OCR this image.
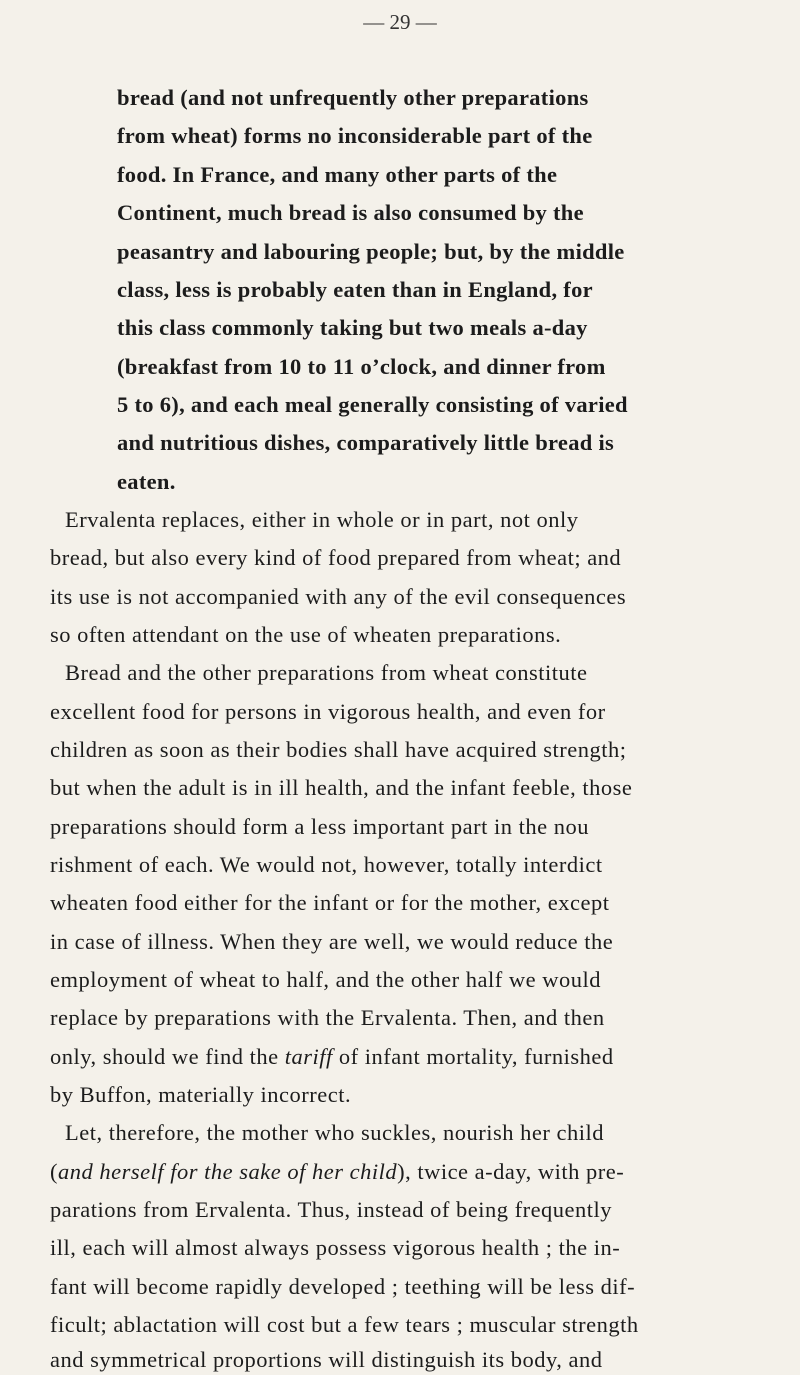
— 29 —
bread (and not unfrequently other preparations
from wheat) forms no inconsiderable part of the
food. In France, and many other parts of the
Continent, much bread is also consumed by the
peasantry and labouring people; but, by the middle
class, less is probably eaten than in England, for
this class commonly taking but two meals a-day
(breakfast from 10 to 11 o’clock, and dinner from
5 to 6), and each meal generally consisting of varied
and nutritious dishes, comparatively little bread is
eaten.
Ervalenta replaces, either in whole or in part, not only
bread, but also every kind of food prepared from wheat; and
its use is not accompanied with any of the evil consequences
so often attendant on the use of wheaten preparations.
Bread and the other preparations from wheat constitute
excellent food for persons in vigorous health, and even for
children as soon as their bodies shall have acquired strength;
but when the adult is in ill health, and the infant feeble, those
preparations should form a less important part in the nou
rishment of each. We would not, however, totally interdict
wheaten food either for the infant or for the mother, except
in case of illness. When they are well, we would reduce the
employment of wheat to half, and the other half we would
replace by preparations with the Ervalenta. Then, and then
only, should we find the tariff of infant mortality, furnished
by Buffon, materially incorrect.
Let, therefore, the mother who suckles, nourish her child
(and herself for the sake of her child), twice a-day, with pre-
parations from Ervalenta. Thus, instead of being frequently
ill, each will almost always possess vigorous health ; the in-
fant will become rapidly developed ; teething will be less dif-
ficult; ablactation will cost but a few tears ; muscular strength
and symmetrical proportions will distinguish its body, and
